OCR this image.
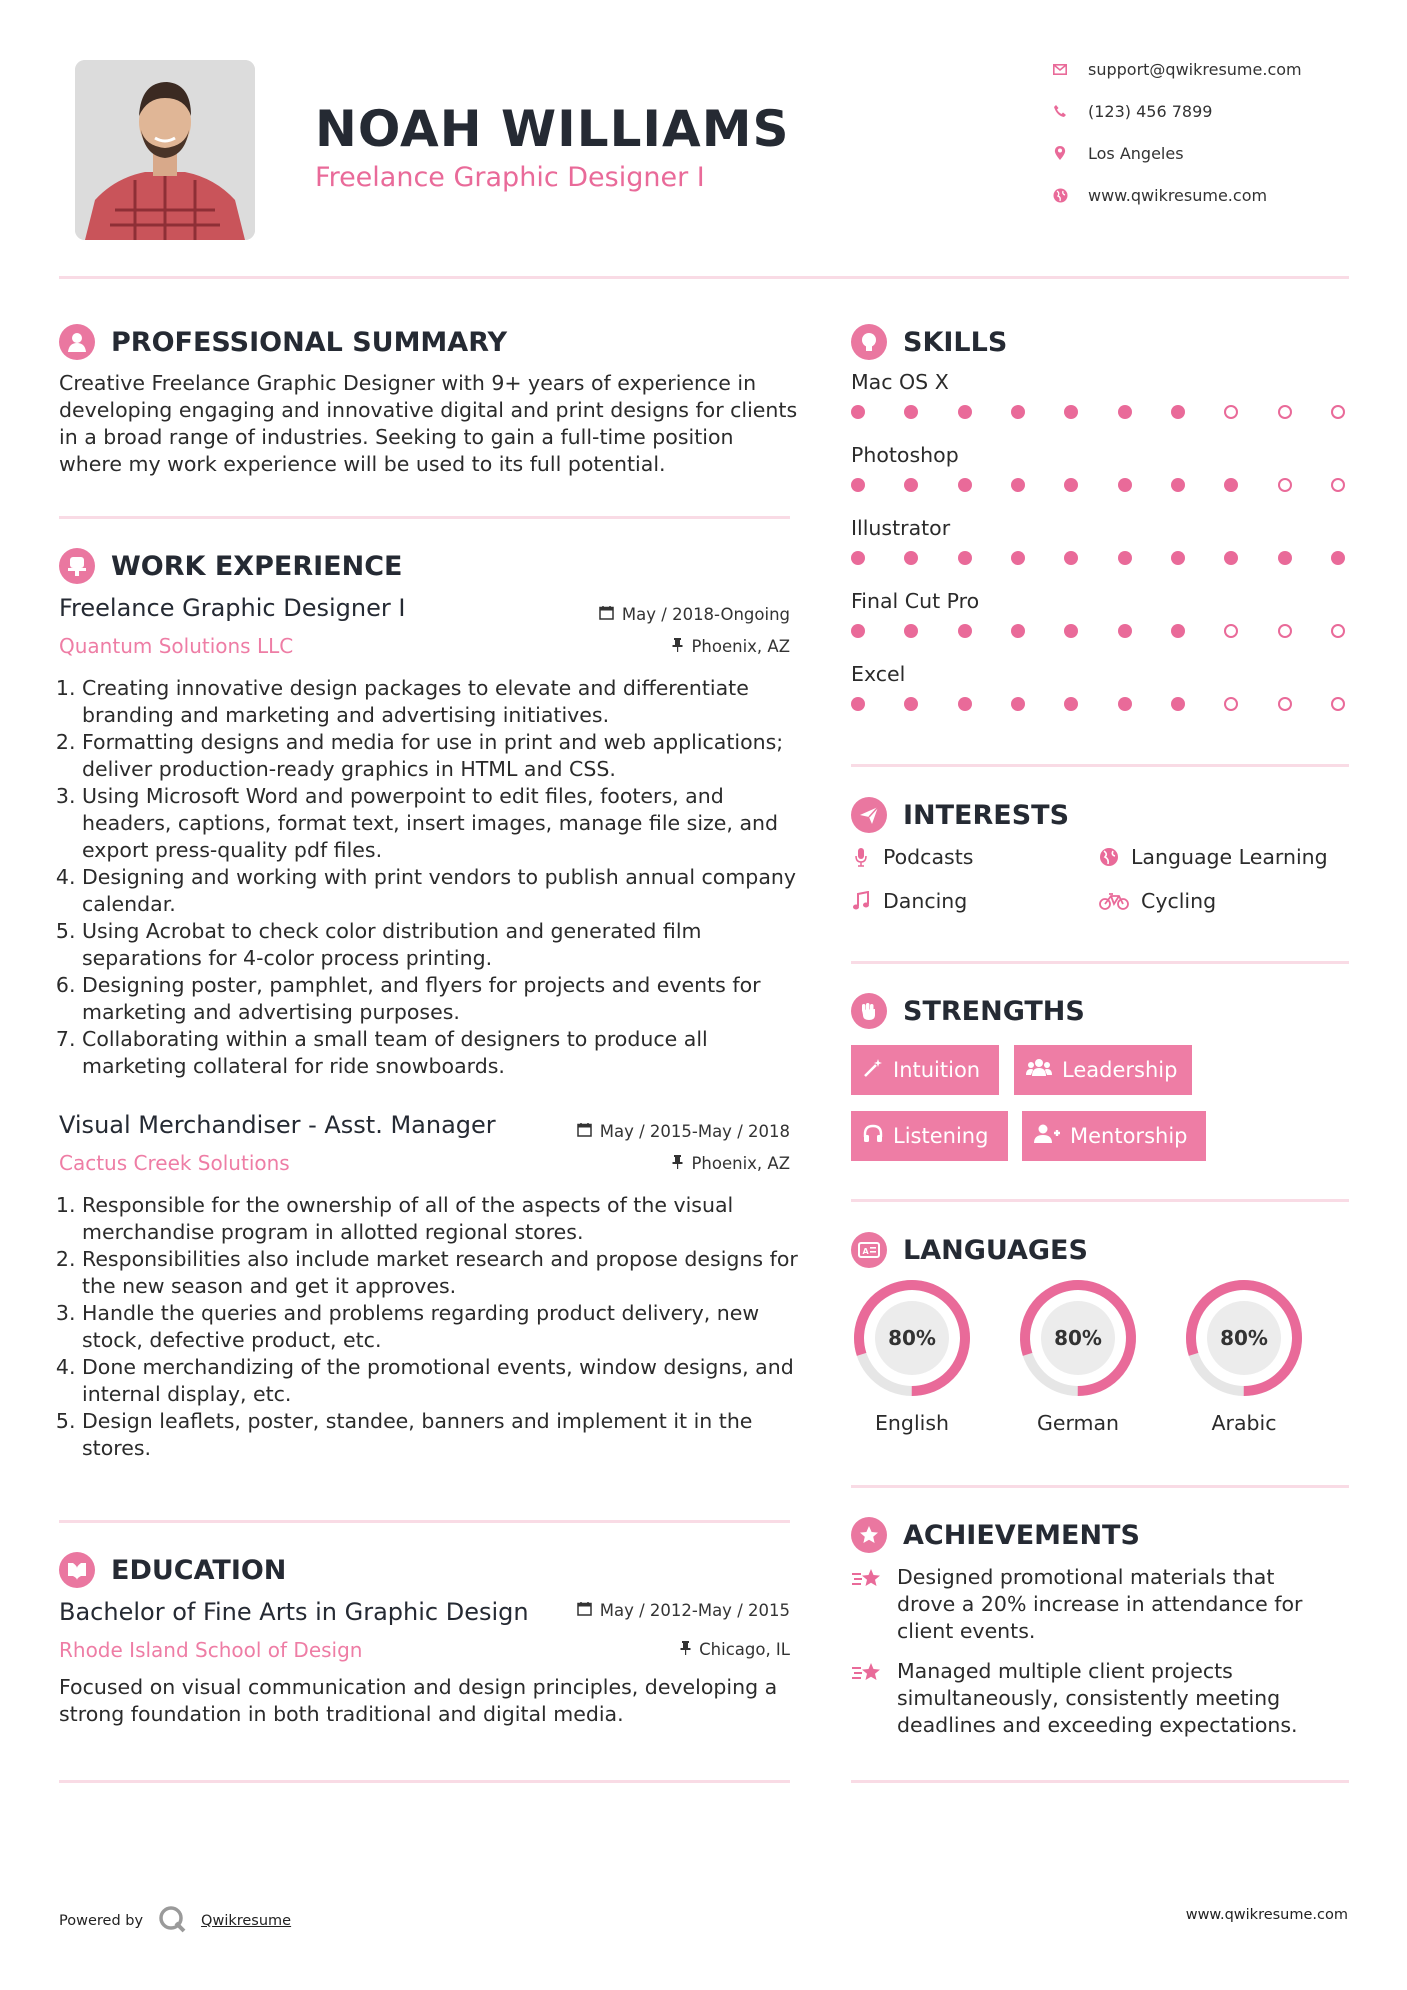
NOAH WILLIAMS
Freelance Graphic Designer I
support@qwikresume.com
(123) 456 7899
Los Angeles
www.qwikresume.com
PROFESSIONAL SUMMARY
Creative Freelance Graphic Designer with 9+ years of experience in developing engaging and innovative digital and print designs for clients in a broad range of industries. Seeking to gain a full-time position where my work experience will be used to its full potential.
WORK EXPERIENCE
Freelance Graphic Designer I	May / 2018-Ongoing
Quantum Solutions LLC	Phoenix, AZ
1. Creating innovative design packages to elevate and differentiate branding and marketing and advertising initiatives.
2. Formatting designs and media for use in print and web applications; deliver production-ready graphics in HTML and CSS.
3. Using Microsoft Word and powerpoint to edit files, footers, and headers, captions, format text, insert images, manage file size, and export press-quality pdf files.
4. Designing and working with print vendors to publish annual company calendar.
5. Using Acrobat to check color distribution and generated film separations for 4-color process printing.
6. Designing poster, pamphlet, and flyers for projects and events for marketing and advertising purposes.
7. Collaborating within a small team of designers to produce all marketing collateral for ride snowboards.
Visual Merchandiser - Asst. Manager	May / 2015-May / 2018
Cactus Creek Solutions	Phoenix, AZ
1. Responsible for the ownership of all of the aspects of the visual merchandise program in allotted regional stores.
2. Responsibilities also include market research and propose designs for the new season and get it approves.
3. Handle the queries and problems regarding product delivery, new stock, defective product, etc.
4. Done merchandizing of the promotional events, window designs, and internal display, etc.
5. Design leaflets, poster, standee, banners and implement it in the stores.
EDUCATION
Bachelor of Fine Arts in Graphic Design	May / 2012-May / 2015
Rhode Island School of Design	Chicago, IL
Focused on visual communication and design principles, developing a strong foundation in both traditional and digital media.
SKILLS
Mac OS X
Photoshop
Illustrator
Final Cut Pro
Excel
INTERESTS
Podcasts	Language Learning
Dancing	Cycling
STRENGTHS
Intuition	Leadership
Listening	Mentorship
A LANGUAGES
80%
English
80%
German
80%
Arabic
ACHIEVEMENTS
Designed promotional materials that drove a 20% increase in attendance for client events.
Managed multiple client projects simultaneously, consistently meeting deadlines and exceeding expectations.
Powered by	Qwikresume	www.qwikresume.com
